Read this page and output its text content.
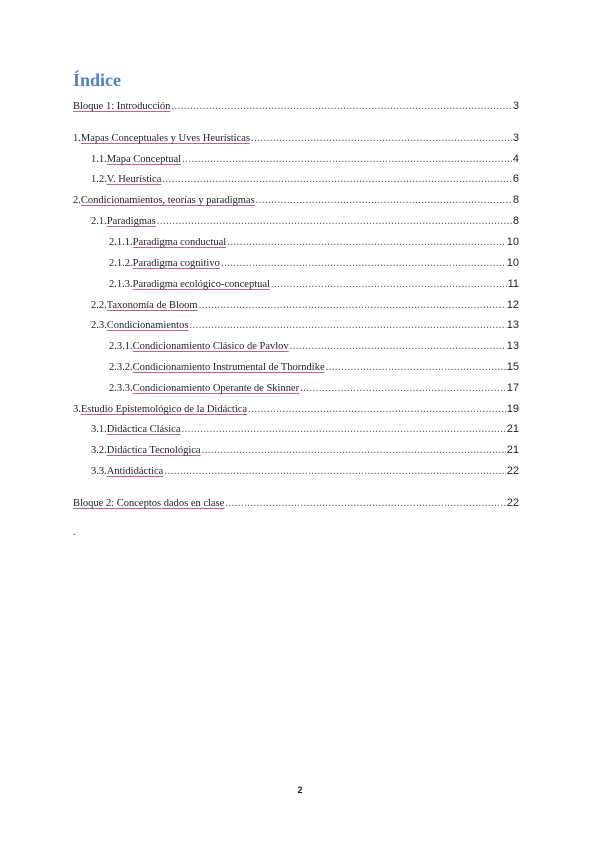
Índice
Bloque 1: Introducción .....	3
1. Mapas Conceptuales y Uves Heurísticas .....	3
1.1. Mapa Conceptual .....	4
1.2. V. Heurística .....	6
2. Condicionamientos, teorías y paradigmas .....	8
2.1. Paradigmas .....	8
2.1.1. Paradigma conductual .....	10
2.1.2. Paradigma cognitivo .....	10
2.1.3. Paradigma ecológico-conceptual .....	11
2.2. Taxonomía de Bloom .....	12
2.3. Condicionamientos .....	13
2.3.1. Condicionamiento Clásico de Pavlov .....	13
2.3.2. Condicionamiento Instrumental de Thorndike .....	15
2.3.3. Condicionamiento Operante de Skinner .....	17
3. Estudio Epistemológico de la Didáctica .....	19
3.1. Didáctica Clásica .....	21
3.2. Didáctica Tecnológica .....	21
3.3. Antididáctica .....	22
Bloque 2: Conceptos dados en clase .....	22
.
2
